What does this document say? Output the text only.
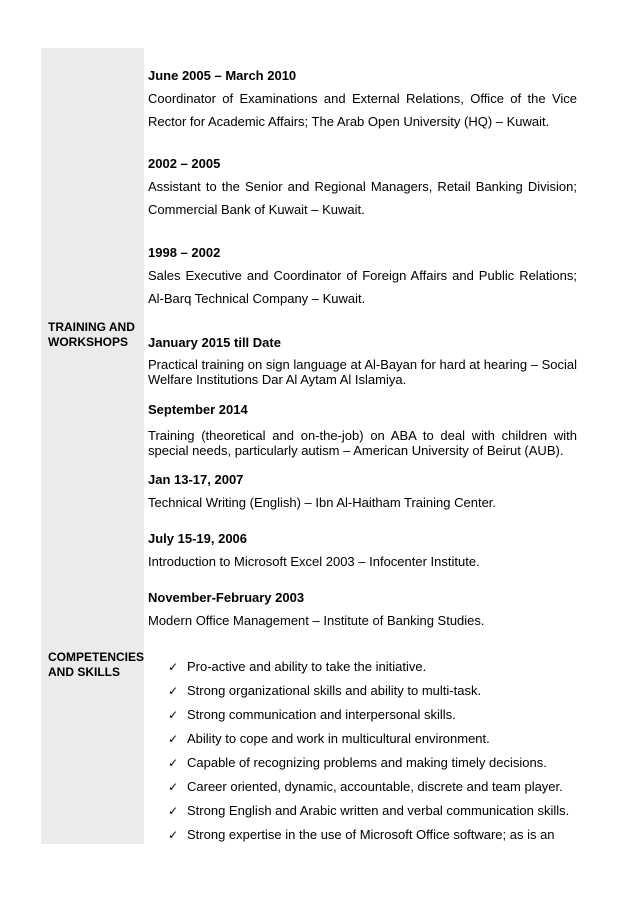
June 2005 – March 2010
Coordinator of Examinations and External Relations, Office of the Vice Rector for Academic Affairs; The Arab Open University (HQ) – Kuwait.
2002 – 2005
Assistant to the Senior and Regional Managers, Retail Banking Division; Commercial Bank of Kuwait – Kuwait.
1998 – 2002
Sales Executive and Coordinator of Foreign Affairs and Public Relations; Al-Barq Technical Company – Kuwait.
TRAINING AND
WORKSHOPS	January 2015 till Date
Practical training on sign language at Al-Bayan for hard at hearing – Social Welfare Institutions Dar Al Aytam Al Islamiya.
September 2014
Training (theoretical and on-the-job) on ABA to deal with children with special needs, particularly autism – American University of Beirut (AUB).
Jan 13-17, 2007
Technical Writing (English) – Ibn Al-Haitham Training Center.
July 15-19, 2006
Introduction to Microsoft Excel 2003 – Infocenter Institute.
November-February 2003
Modern Office Management – Institute of Banking Studies.
COMPETENCIES
AND SKILLS	✓ Pro-active and ability to take the initiative.
✓ Strong organizational skills and ability to multi-task.
✓ Strong communication and interpersonal skills.
✓ Ability to cope and work in multicultural environment.
✓ Capable of recognizing problems and making timely decisions.
✓ Career oriented, dynamic, accountable, discrete and team player.
✓ Strong English and Arabic written and verbal communication skills.
✓ Strong expertise in the use of Microsoft Office software; as is an
